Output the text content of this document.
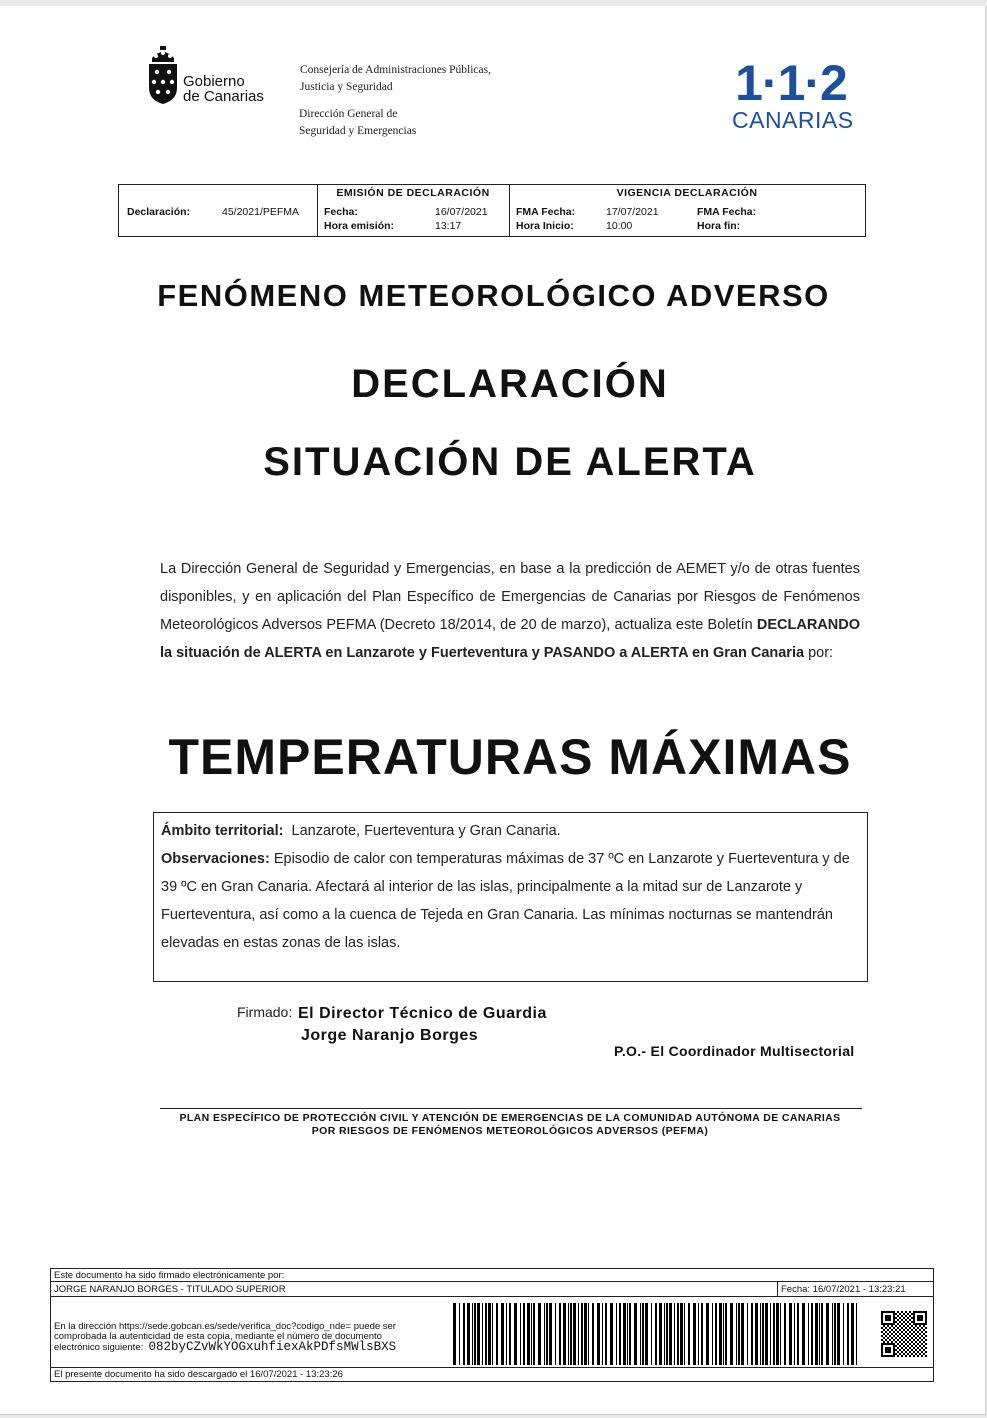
Gobierno
de Canarias
Consejería de Administraciones Públicas,
Justicia y Seguridad
Dirección General de
Seguridad y Emergencias
1·1·2
CANARIAS
Declaración:	45/2021/PEFMA
EMISIÓN DE DECLARACIÓN
Fecha:	16/07/2021
Hora emisión:	13:17
VIGENCIA DECLARACIÓN
FMA Fecha:	17/07/2021
Hora Inicio:	10:00
FMA Fecha:
Hora fin:
FENÓMENO METEOROLÓGICO ADVERSO
DECLARACIÓN
SITUACIÓN DE ALERTA
La Dirección General de Seguridad y Emergencias, en base a la predicción de AEMET y/o de otras fuentes disponibles, y en aplicación del Plan Específico de Emergencias de Canarias por Riesgos de Fenómenos Meteorológicos Adversos PEFMA (Decreto 18/2014, de 20 de marzo), actualiza este Boletín DECLARANDO la situación de ALERTA en Lanzarote y Fuerteventura y PASANDO a ALERTA en Gran Canaria por:
TEMPERATURAS MÁXIMAS
Ámbito territorial: Lanzarote, Fuerteventura y Gran Canaria.
Observaciones: Episodio de calor con temperaturas máximas de 37 ºC en Lanzarote y Fuerteventura y de 39 ºC en Gran Canaria. Afectará al interior de las islas, principalmente a la mitad sur de Lanzarote y Fuerteventura, así como a la cuenca de Tejeda en Gran Canaria. Las mínimas nocturnas se mantendrán elevadas en estas zonas de las islas.
Firmado: El Director Técnico de Guardia
Jorge Naranjo Borges
P.O.- El Coordinador Multisectorial
PLAN ESPECÍFICO DE PROTECCIÓN CIVIL Y ATENCIÓN DE EMERGENCIAS DE LA COMUNIDAD AUTÓNOMA DE CANARIAS
POR RIESGOS DE FENÓMENOS METEOROLÓGICOS ADVERSOS (PEFMA)
Este documento ha sido firmado electrónicamente por:
JORGE NARANJO BORGES - TITULADO SUPERIOR	Fecha: 16/07/2021 - 13:23:21
En la dirección https://sede.gobcan.es/sede/verifica_doc?codigo_nde= puede ser
comprobada la autenticidad de esta copia, mediante el número de documento
electrónico siguiente: 082byCZvWkYOGxuhfiexAkPDfsMWlsBXS
El presente documento ha sido descargado el 16/07/2021 - 13:23:26
